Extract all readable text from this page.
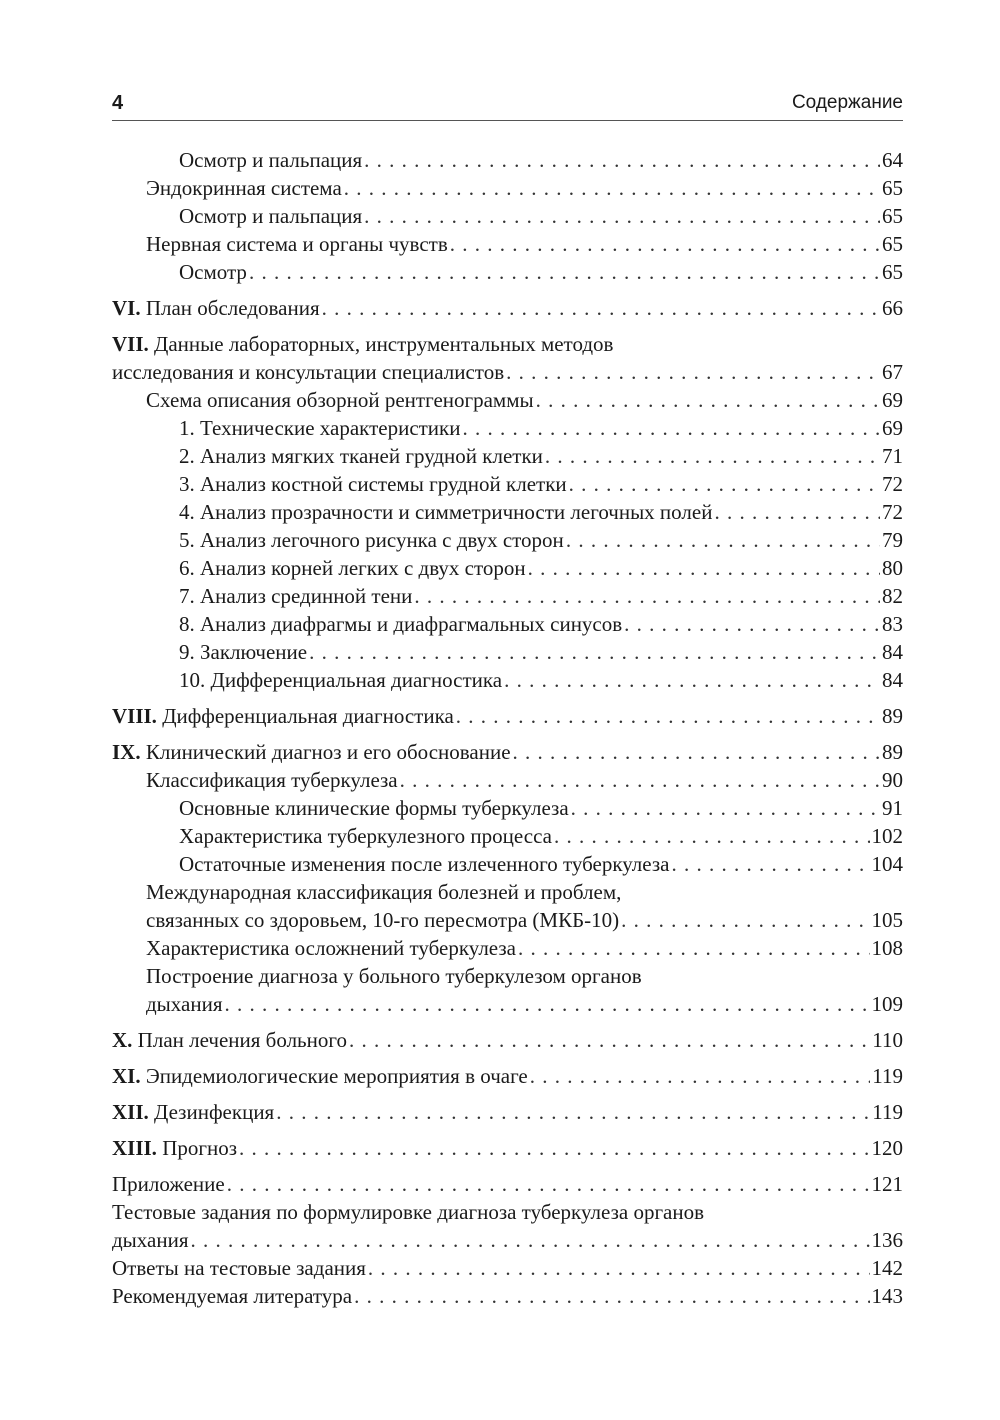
4	Содержание
Осмотр и пальпация . . .	64
Эндокринная система . . .	65
Осмотр и пальпация . . .	65
Нервная система и органы чувств . . .	65
Осмотр . . .	65
VI. План обследования . . .	66
VII. Данные лабораторных, инструментальных методов
исследования и консультации специалистов . . .	67
Схема описания обзорной рентгенограммы . . .	69
1. Технические характеристики . . .	69
2. Анализ мягких тканей грудной клетки . . .	71
3. Анализ костной системы грудной клетки . . .	72
4. Анализ прозрачности и симметричности легочных полей . . .	72
5. Анализ легочного рисунка с двух сторон . . .	79
6. Анализ корней легких с двух сторон . . .	80
7. Анализ срединной тени . . .	82
8. Анализ диафрагмы и диафрагмальных синусов . . .	83
9. Заключение . . .	84
10. Дифференциальная диагностика . . .	84
VIII. Дифференциальная диагностика . . .	89
IX. Клинический диагноз и его обоснование . . .	89
Классификация туберкулеза . . .	90
Основные клинические формы туберкулеза . . .	91
Характеристика туберкулезного процесса . . .	102
Остаточные изменения после излеченного туберкулеза . . .	104
Международная классификация болезней и проблем,
связанных со здоровьем, 10-го пересмотра (МКБ-10) . . .	105
Характеристика осложнений туберкулеза . . .	108
Построение диагноза у больного туберкулезом органов
дыхания . . .	109
X. План лечения больного . . .	110
XI. Эпидемиологические мероприятия в очаге . . .	119
XII. Дезинфекция . . .	119
XIII. Прогноз . . .	120
Приложение . . .	121
Тестовые задания по формулировке диагноза туберкулеза органов
дыхания . . .	136
Ответы на тестовые задания . . .	142
Рекомендуемая литература . . .	143
